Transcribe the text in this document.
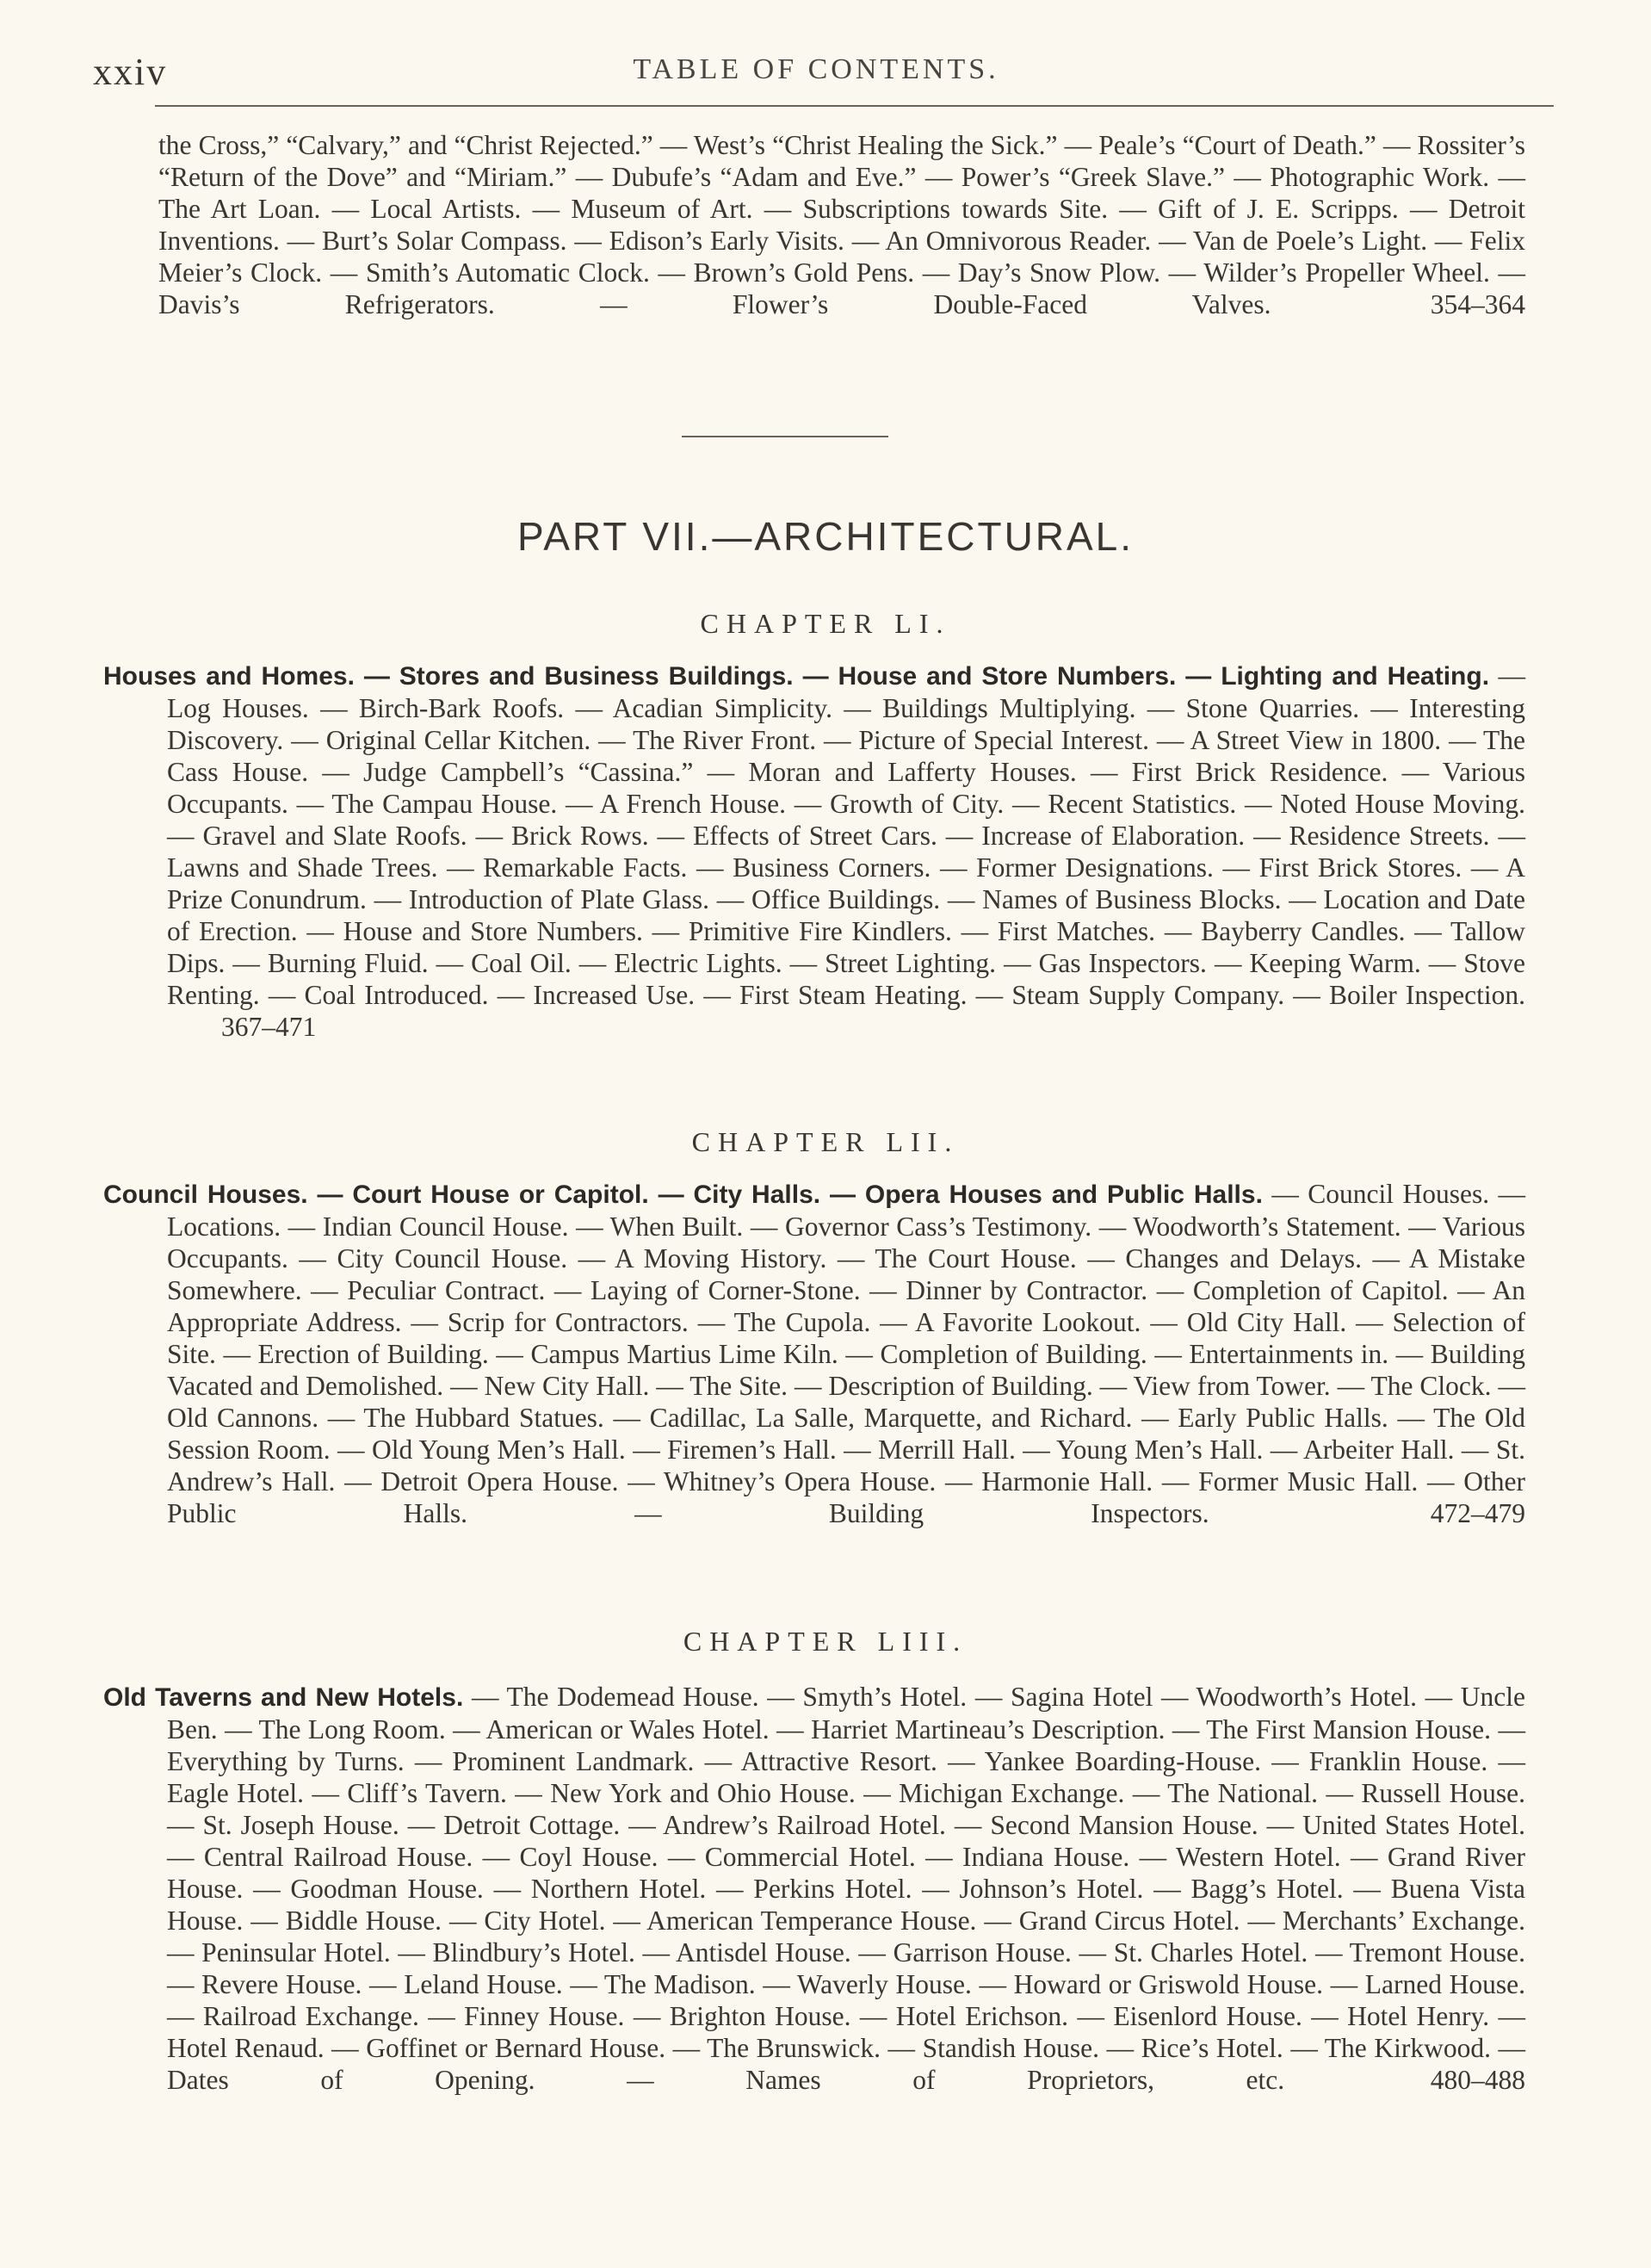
xxiv	TABLE OF CONTENTS.
the Cross,” “Calvary,” and “Christ Rejected.” — West’s “Christ Healing the Sick.” — Peale’s “Court of Death.” — Rossiter’s “Return of the Dove” and “Miriam.” — Dubufe’s “Adam and Eve.” — Power’s “Greek Slave.” — Photographic Work. — The Art Loan. — Local Artists. — Museum of Art. — Subscriptions towards Site. — Gift of J. E. Scripps. — Detroit Inventions. — Burt’s Solar Compass. — Edison’s Early Visits. — An Omnivorous Reader. — Van de Poele’s Light. — Felix Meier’s Clock. — Smith’s Automatic Clock. — Brown’s Gold Pens. — Day’s Snow Plow. — Wilder’s Propeller Wheel. — Davis’s Refrigerators. — Flower’s Double-Faced Valves.	  354–364
PART VII.—ARCHITECTURAL.
CHAPTER LI.
Houses and Homes. — Stores and Business Buildings. — House and Store Numbers. — Lighting and Heating. — Log Houses. — Birch-Bark Roofs. — Acadian Simplicity. — Buildings Multiplying. — Stone Quarries. — Interesting Discovery. — Original Cellar Kitchen. — The River Front. — Picture of Special Interest. — A Street View in 1800. — The Cass House. — Judge Campbell’s “Cassina.” — Moran and Lafferty Houses. — First Brick Residence. — Various Occupants. — The Campau House. — A French House. — Growth of City. — Recent Statistics. — Noted House Moving. — Gravel and Slate Roofs. — Brick Rows. — Effects of Street Cars. — Increase of Elaboration. — Residence Streets. — Lawns and Shade Trees. — Remarkable Facts. — Business Corners. — Former Designations. — First Brick Stores. — A Prize Conundrum. — Introduction of Plate Glass. — Office Buildings. — Names of Business Blocks. — Location and Date of Erection. — House and Store Numbers. — Primitive Fire Kindlers. — First Matches. — Bayberry Candles. — Tallow Dips. — Burning Fluid. — Coal Oil. — Electric Lights. — Street Lighting. — Gas Inspectors. — Keeping Warm. — Stove Renting. — Coal Introduced. — Increased Use. — First Steam Heating. — Steam Supply Company. — Boiler Inspection.   367–471
CHAPTER LII.
Council Houses. — Court House or Capitol. — City Halls. — Opera Houses and Public Halls. — Council Houses. — Locations. — Indian Council House. — When Built. — Governor Cass’s Testimony. — Woodworth’s Statement. — Various Occupants. — City Council House. — A Moving History. — The Court House. — Changes and Delays. — A Mistake Somewhere. — Peculiar Contract. — Laying of Corner-Stone. — Dinner by Contractor. — Completion of Capitol. — An Appropriate Address. — Scrip for Contractors. — The Cupola. — A Favorite Lookout. — Old City Hall. — Selection of Site. — Erection of Building. — Campus Martius Lime Kiln. — Completion of Building. — Entertainments in. — Building Vacated and Demolished. — New City Hall. — The Site. — Description of Building. — View from Tower. — The Clock. — Old Cannons. — The Hubbard Statues. — Cadillac, La Salle, Marquette, and Richard. — Early Public Halls. — The Old Session Room. — Old Young Men’s Hall. — Firemen’s Hall. — Merrill Hall. — Young Men’s Hall. — Arbeiter Hall. — St. Andrew’s Hall. — Detroit Opera House. — Whitney’s Opera House. — Harmonie Hall. — Former Music Hall. — Other Public Halls. — Building Inspectors.	  472–479
CHAPTER LIII.
Old Taverns and New Hotels. — The Dodemead House. — Smyth’s Hotel. — Sagina Hotel — Woodworth’s Hotel. — Uncle Ben. — The Long Room. — American or Wales Hotel. — Harriet Martineau’s Description. — The First Mansion House. — Everything by Turns. — Prominent Landmark. — Attractive Resort. — Yankee Boarding-House. — Franklin House. — Eagle Hotel. — Cliff’s Tavern. — New York and Ohio House. — Michigan Exchange. — The National. — Russell House. — St. Joseph House. — Detroit Cottage. — Andrew’s Railroad Hotel. — Second Mansion House. — United States Hotel. — Central Railroad House. — Coyl House. — Commercial Hotel. — Indiana House. — Western Hotel. — Grand River House. — Goodman House. — Northern Hotel. — Perkins Hotel. — Johnson’s Hotel. — Bagg’s Hotel. — Buena Vista House. — Biddle House. — City Hotel. — American Temperance House. — Grand Circus Hotel. — Merchants’ Exchange. — Peninsular Hotel. — Blindbury’s Hotel. — Antisdel House. — Garrison House. — St. Charles Hotel. — Tremont House. — Revere House. — Leland House. — The Madison. — Waverly House. — Howard or Griswold House. — Larned House. — Railroad Exchange. — Finney House. — Brighton House. — Hotel Erichson. — Eisenlord House. — Hotel Henry. — Hotel Renaud. — Goffinet or Bernard House. — The Brunswick. — Standish House. — Rice’s Hotel. — The Kirkwood. — Dates of Opening. — Names of Proprietors, etc.	  480–488
